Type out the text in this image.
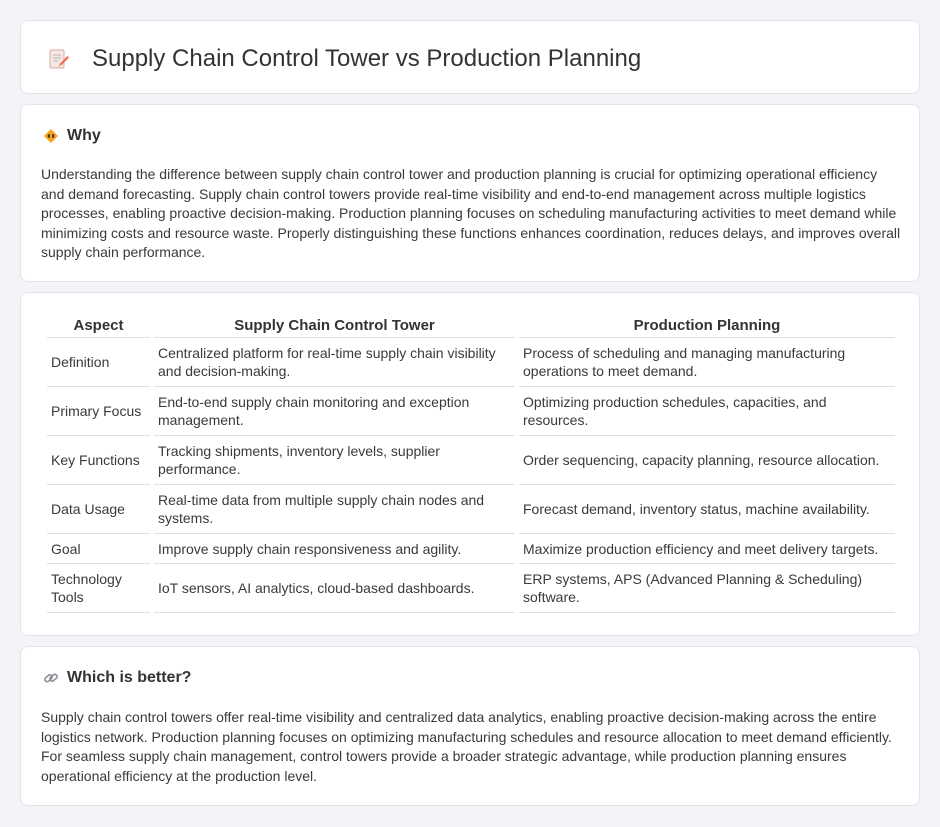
Supply Chain Control Tower vs Production Planning
Why

Understanding the difference between supply chain control tower and production planning is crucial for optimizing operational efficiency and demand forecasting. Supply chain control towers provide real-time visibility and end-to-end management across multiple logistics processes, enabling proactive decision-making. Production planning focuses on scheduling manufacturing activities to meet demand while minimizing costs and resource waste. Properly distinguishing these functions enhances coordination, reduces delays, and improves overall supply chain performance.

Aspect	Supply Chain Control Tower	Production Planning
Definition	Centralized platform for real-time supply chain visibility and decision-making.	Process of scheduling and managing manufacturing operations to meet demand.
Primary Focus	End-to-end supply chain monitoring and exception management.	Optimizing production schedules, capacities, and resources.
Key Functions	Tracking shipments, inventory levels, supplier performance.	Order sequencing, capacity planning, resource allocation.
Data Usage	Real-time data from multiple supply chain nodes and systems.	Forecast demand, inventory status, machine availability.
Goal	Improve supply chain responsiveness and agility.	Maximize production efficiency and meet delivery targets.
Technology Tools	IoT sensors, AI analytics, cloud-based dashboards.	ERP systems, APS (Advanced Planning & Scheduling) software.
Which is better?

Supply chain control towers offer real-time visibility and centralized data analytics, enabling proactive decision-making across the entire logistics network. Production planning focuses on optimizing manufacturing schedules and resource allocation to meet demand efficiently. For seamless supply chain management, control towers provide a broader strategic advantage, while production planning ensures operational efficiency at the production level.
